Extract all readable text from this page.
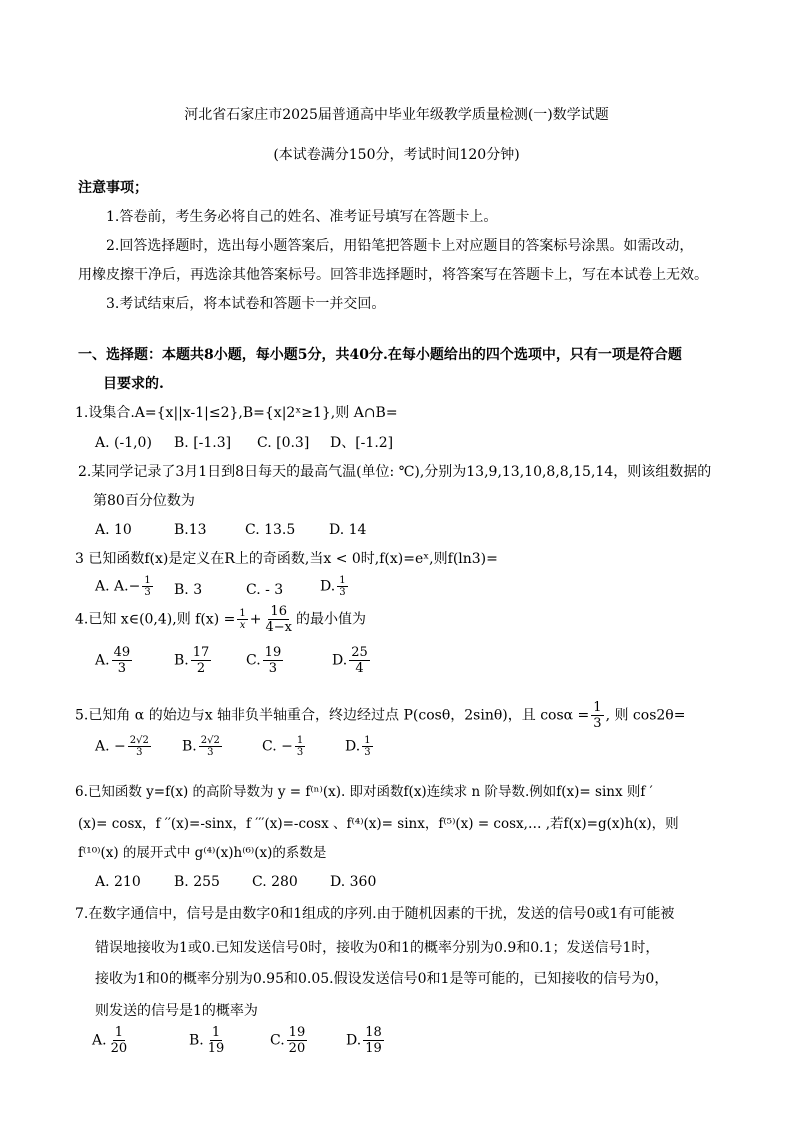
河北省石家庄市2025届普通高中毕业年级教学质量检测(一)数学试题
(本试卷满分150分，考试时间120分钟)
注意事项；
1.答卷前，考生务必将自己的姓名、准考证号填写在答题卡上。
2.回答选择题时，选出每小题答案后，用铅笔把答题卡上对应题目的答案标号涂黑。如需改动，
用橡皮擦干净后，再选涂其他答案标号。回答非选择题时，将答案写在答题卡上，写在本试卷上无效。
3.考试结束后，将本试卷和答题卡一并交回。
一、选择题：本题共8小题，每小题5分，共40分.在每小题给出的四个选项中，只有一项是符合题
目要求的.
1.设集合.A={x||x-1|≤2},B={x|2ˣ≥1},则 A∩B=
A. (-1,0) B. [-1.3] C. [0.3] D、[-1.2]
2.某同学记录了3月1日到8日每天的最高气温(单位: ℃),分别为13,9,13,10,8,8,15,14，则该组数据的
第80百分位数为
A. 10	B.13	C. 13.5 D. 14
3 已知函数f(x)是定义在R上的奇函数,当x < 0时,f(x)=eˣ,则f(ln3)=
A. $A.- \frac{1}{3} B$. 3	C. - 3	D. $\frac{1}{3}$
4.已知 x∈(0,4),则 $f(x) = \frac{1}{x} + \frac{16}{4-x}$ 的最小值为
A. $\frac{49}{3}$	B. $\frac{17}{2} C$. $\frac{19}{3}$	D. $\frac{25}{4}$
5.已知角 α 的始边与x 轴非负半轴重合，终边经过点 P(cosθ，2sinθ)，且 $\cos\alpha = \frac{1}{3}$ , 则 cos2θ=
A. − $\frac{2√2}{3} B$. $\frac{2√2}{3}$	C. − $\frac{1}{3}$	D. $\frac{1}{3}$
6.已知函数 y=f(x) 的高阶导数为 y = f⁽ⁿ⁾(x). 即对函数f(x)连续求 n 阶导数.例如f(x)= sinx 则f ′
(x)= cosx，f ′′(x)=-sinx，f ′′′(x)=-cosx 、f⁽⁴⁾(x)= sinx，f⁽⁵⁾(x) = cosx,… ,若f(x)=g(x)h(x)，则
f⁽¹⁰⁾(x) 的展开式中 g⁽⁴⁾(x)h⁽⁶⁾(x)的系数是
A. 210 B. 255 C. 280 D. 360
7.在数字通信中，信号是由数字0和1组成的序列.由于随机因素的干扰，发送的信号0或1有可能被
错误地接收为1或0.已知发送信号0时，接收为0和1的概率分别为0.9和0.1；发送信号1时，
接收为1和0的概率分别为0.95和0.05.假设发送信号0和1是等可能的，已知接收的信号为0，
则发送的信号是1的概率为
A. $\frac{1}{20}$	B. $\frac{1}{19}$	C. $\frac{19}{20}$	D. $\frac{18}{19}$
